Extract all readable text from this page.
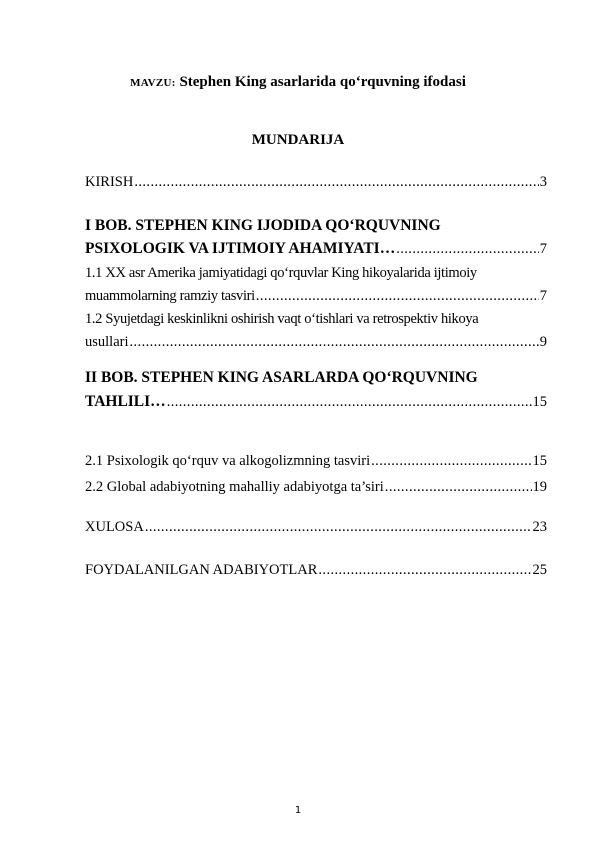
MAVZU: Stephen King asarlarida qo‘rquvning ifodasi
MUNDARIJA
KIRISH .....	3
I BOB. STEPHEN KING IJODIDA QO‘RQUVNING
PSIXOLOGIK VA IJTIMOIY AHAMIYATI… .....	7
1.1 XX asr Amerika jamiyatidagi qo‘rquvlar King hikoyalarida ijtimoiy
muammolarning ramziy tasviri .....	7
1.2 Syujetdagi keskinlikni oshirish vaqt o‘tishlari va retrospektiv hikoya
usullari .....	9
II BOB. STEPHEN KING ASARLARDA QO‘RQUVNING
TAHLILI… .....	15
2.1 Psixologik qo‘rquv va alkogolizmning tasviri .....	15
2.2 Global adabiyotning mahalliy adabiyotga ta’siri .....	19
XULOSA .....	23
FOYDALANILGAN ADABIYOTLAR .....	25
1
